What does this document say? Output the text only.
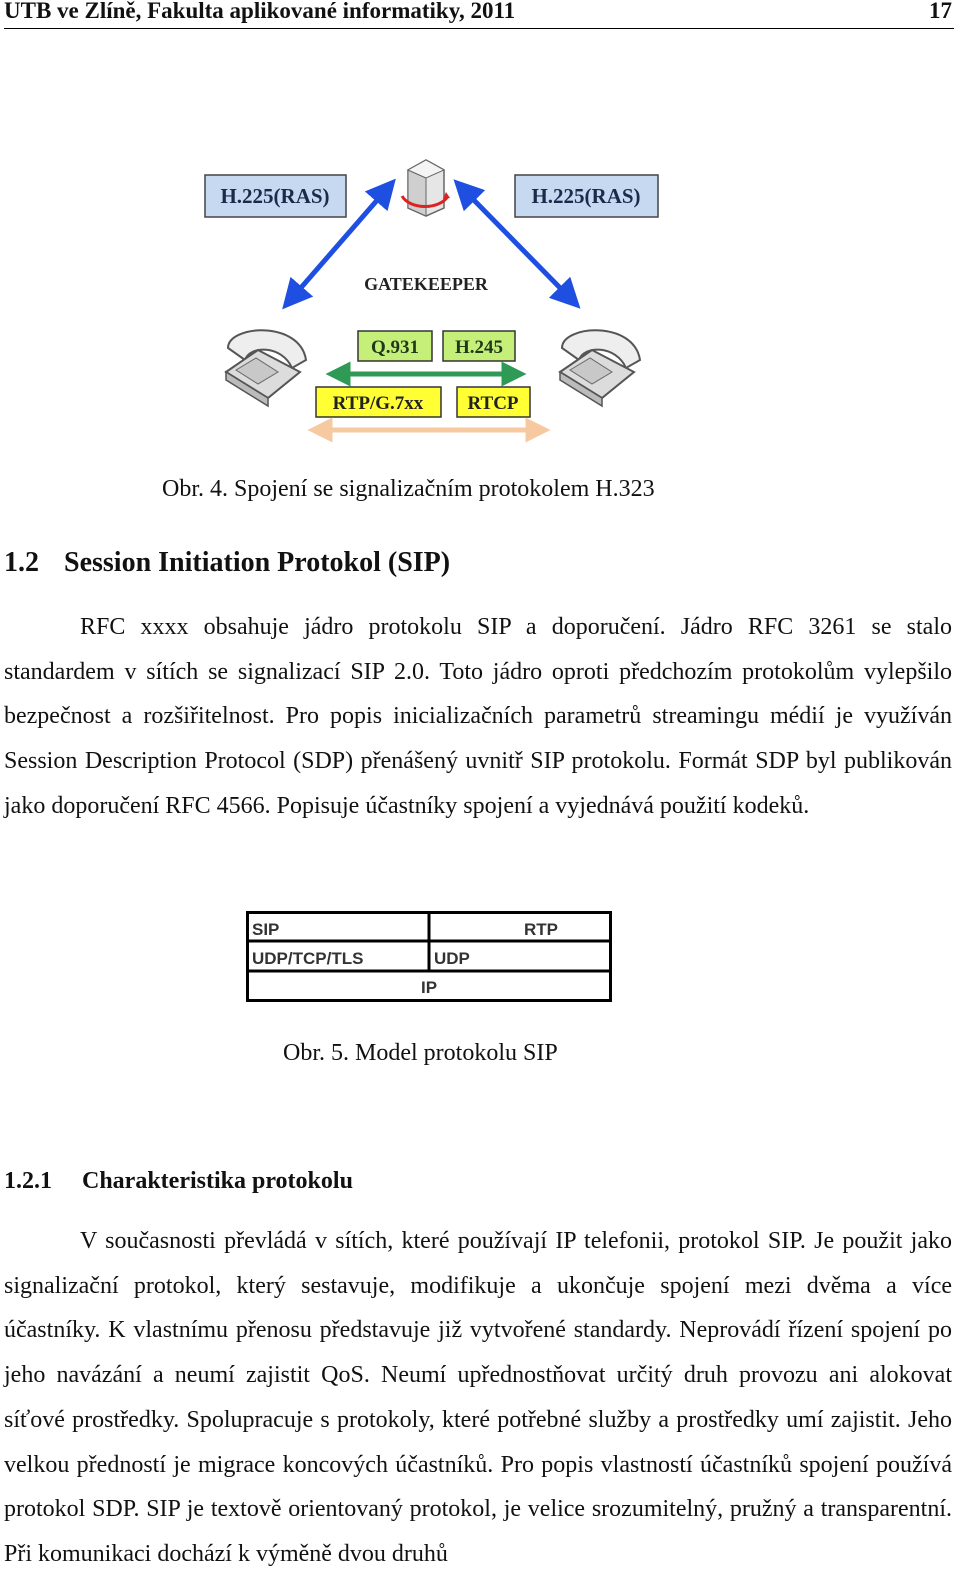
UTB ve Zlíně, Fakulta aplikované informatiky, 2011	17
H.225(RAS)	H.225(RAS)
GATEKEEPER
Q.931 H.245
RTP/G.7xx RTCP
Obr. 4. Spojení se signalizačním protokolem H.323
1.2 Session Initiation Protokol (SIP)

RFC xxxx obsahuje jádro protokolu SIP a doporučení. Jádro RFC 3261 se stalo standardem v sítích se signalizací SIP 2.0. Toto jádro oproti předchozím protokolům vylepšilo bezpečnost a rozšiřitelnost. Pro popis inicializačních parametrů streamingu médií je využíván Session Description Protocol (SDP) přenášený uvnitř SIP protokolu. Formát SDP byl publikován jako doporučení RFC 4566. Popisuje účastníky spojení a vyjednává použití kodeků.

SIP	RTP
UDP/TCP/TLS	UDP
IP
Obr. 5. Model protokolu SIP
1.2.1 Charakteristika protokolu

V současnosti převládá v sítích, které používají IP telefonii, protokol SIP. Je použit jako signalizační protokol, který sestavuje, modifikuje a ukončuje spojení mezi dvěma a více účastníky. K vlastnímu přenosu představuje již vytvořené standardy. Neprovádí řízení spojení po jeho navázání a neumí zajistit QoS. Neumí upřednostňovat určitý druh provozu ani alokovat síťové prostředky. Spolupracuje s protokoly, které potřebné služby a prostředky umí zajistit. Jeho velkou předností je migrace koncových účastníků. Pro popis vlastností účastníků spojení používá protokol SDP. SIP je textově orientovaný protokol, je velice srozumitelný, pružný a transparentní. Při komunikaci dochází k výměně dvou druhů
